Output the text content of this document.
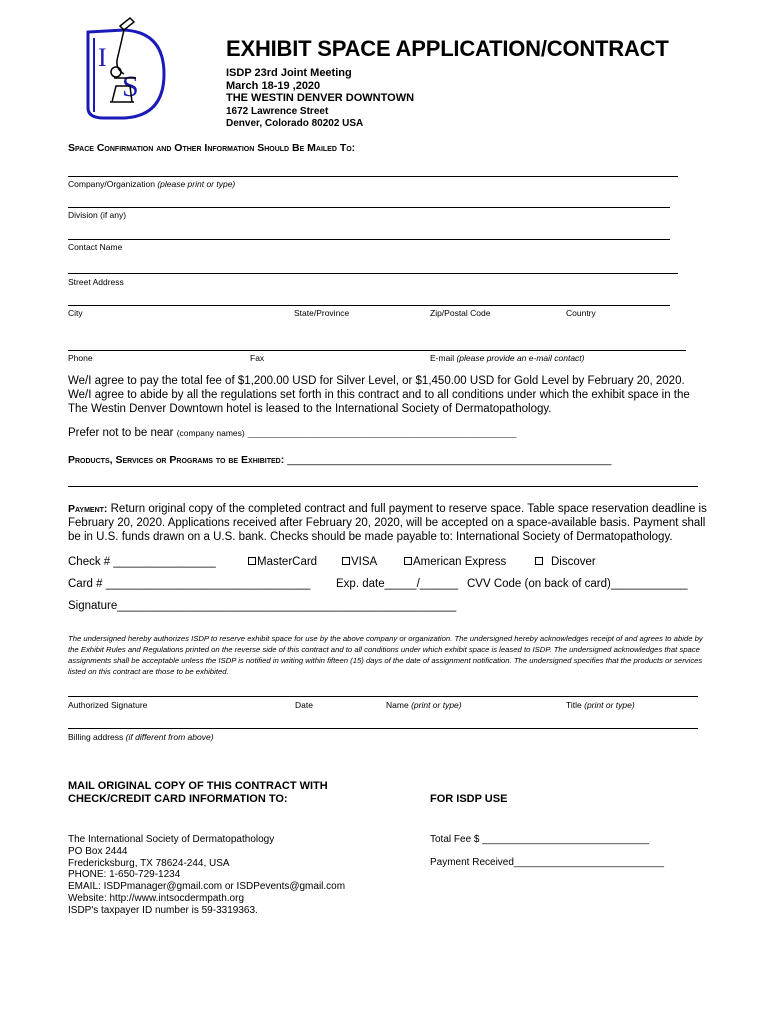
I
S
EXHIBIT SPACE APPLICATION/CONTRACT
ISDP 23rd Joint Meeting
March 18-19 ,2020
THE WESTIN DENVER DOWNTOWN
1672 Lawrence Street
Denver, Colorado 80202 USA
Space Confirmation and Other Information Should Be Mailed To:
Company/Organization (please print or type)
Division (if any)
Contact Name
Street Address
City	State/Province	Zip/Postal Code	Country
Phone	Fax	E-mail (please provide an e-mail contact)
We/I agree to pay the total fee of $1,200.00 USD for Silver Level, or $1,450.00 USD for Gold Level by February 20, 2020. We/I agree to abide by all the regulations set forth in this contract and to all conditions under which the exhibit space in the The Westin Denver Downtown hotel is leased to the International Society of Dermatopathology.
Prefer not to be near (company names) _____________________________________________________________________
Products, Services or Programs to be Exhibited: _____________________________________________________
Payment: Return original copy of the completed contract and full payment to reserve space. Table space reservation deadline is February 20, 2020. Applications received after February 20, 2020, will be accepted on a space-available basis. Payment shall be in U.S. funds drawn on a U.S. bank. Checks should be made payable to: International Society of Dermatopathology.
Check # ________________	MasterCard	VISA	American Express	Discover
Card # ________________________________ Exp. date_____/______ CVV Code (on back of card)____________
Signature_____________________________________________________
The undersigned hereby authorizes ISDP to reserve exhibit space for use by the above company or organization. The undersigned hereby acknowledges receipt of and agrees to abide by the Exhibit Rules and Regulations printed on the reverse side of this contract and to all conditions under which exhibit space is leased to ISDP. The undersigned acknowledges that space assignments shall be acceptable unless the ISDP is notified in writing within fifteen (15) days of the date of assignment notification. The undersigned specifies that the products or services listed on this contract are those to be exhibited.
Authorized Signature	Date	Name (print or type)	Title (print or type)
Billing address (if different from above)
MAIL ORIGINAL COPY OF THIS CONTRACT WITH
CHECK/CREDIT CARD INFORMATION TO:	FOR ISDP USE
The International Society of Dermatopathology
PO Box 2444
Fredericksburg, TX 78624-244, USA
PHONE: 1-650-729-1234
EMAIL: ISDPmanager@gmail.com or ISDPevents@gmail.com
Website: http://www.intsocdermpath.org
ISDP's taxpayer ID number is 59-3319363.
Total Fee $ ______________________________
Payment Received___________________________
